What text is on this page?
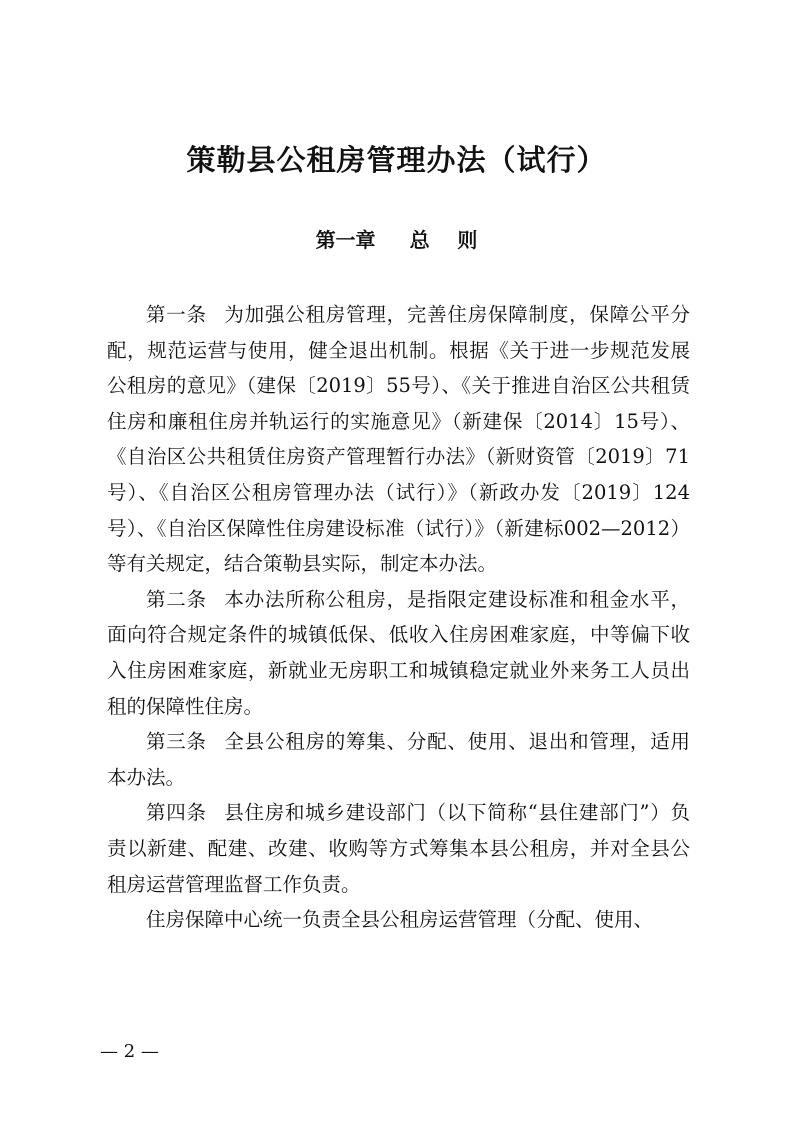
策勒县公租房管理办法（试行）
第一章 总    则

第一条 为加强公租房管理，完善住房保障制度，保障公平分配，规范运营与使用，健全退出机制。根据《关于进一步规范发展公租房的意见》（建保〔2019〕55号）、《关于推进自治区公共租赁住房和廉租住房并轨运行的实施意见》（新建保〔2014〕15号）、《自治区公共租赁住房资产管理暂行办法》（新财资管〔2019〕71号）、《自治区公租房管理办法（试行）》（新政办发〔2019〕124号）、《自治区保障性住房建设标准（试行）》（新建标002—2012）等有关规定，结合策勒县实际，制定本办法。

第二条 本办法所称公租房，是指限定建设标准和租金水平，面向符合规定条件的城镇低保、低收入住房困难家庭，中等偏下收入住房困难家庭，新就业无房职工和城镇稳定就业外来务工人员出租的保障性住房。

第三条 全县公租房的筹集、分配、使用、退出和管理，适用本办法。

第四条 县住房和城乡建设部门（以下简称“县住建部门”）负责以新建、配建、改建、收购等方式筹集本县公租房，并对全县公租房运营管理监督工作负责。

住房保障中心统一负责全县公租房运营管理（分配、使用、

— 2 —
